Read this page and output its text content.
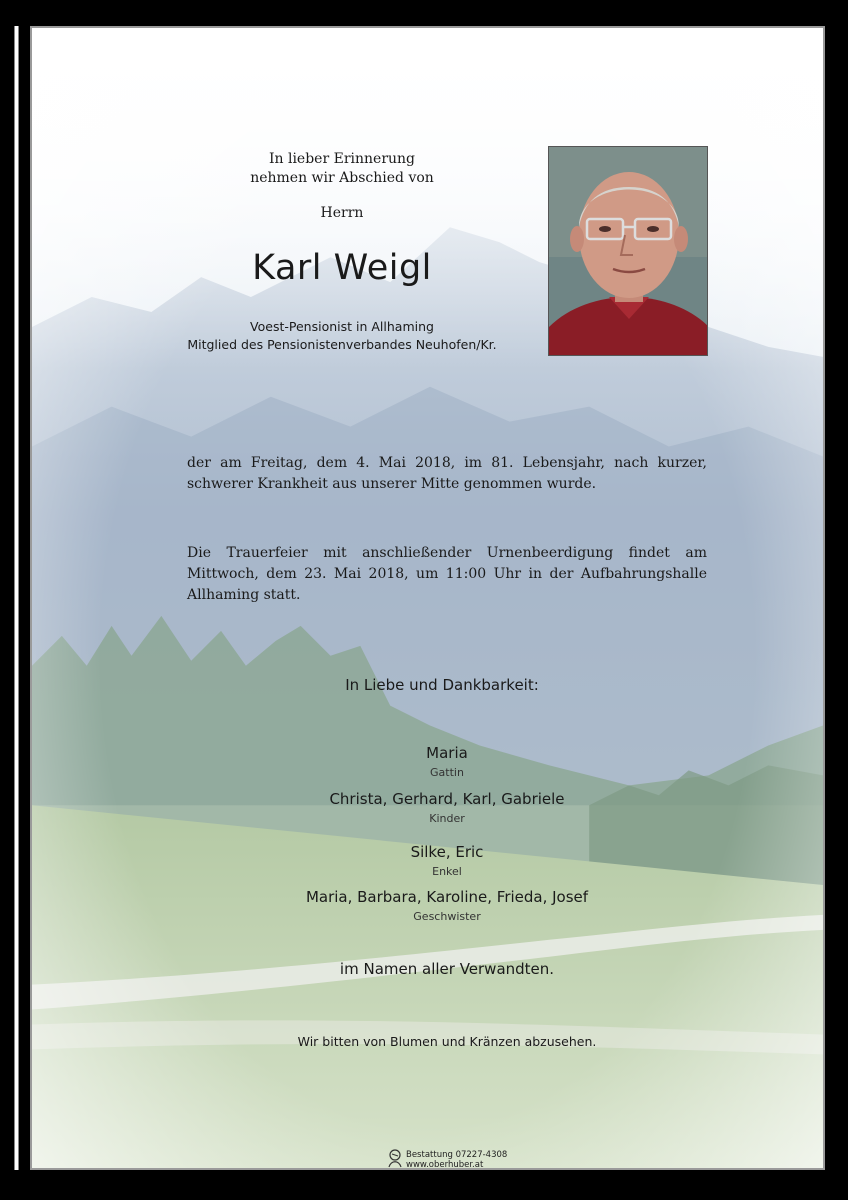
In lieber Erinnerung
nehmen wir Abschied von
Herrn
Karl Weigl
Voest-Pensionist in Allhaming
Mitglied des Pensionistenverbandes Neuhofen/Kr.
der am Freitag, dem 4. Mai 2018, im 81. Lebensjahr, nach kurzer, schwerer Krankheit aus unserer Mitte genommen wurde.
Die Trauerfeier mit anschließender Urnenbeerdigung findet am Mittwoch, dem 23. Mai 2018, um 11:00 Uhr in der Aufbahrungshalle Allhaming statt.
In Liebe und Dankbarkeit:
Maria
Gattin
Christa, Gerhard, Karl, Gabriele
Kinder
Silke, Eric
Enkel
Maria, Barbara, Karoline, Frieda, Josef
Geschwister
im Namen aller Verwandten.
Wir bitten von Blumen und Kränzen abzusehen.
Bestattung 07227-4308
www.oberhuber.at
